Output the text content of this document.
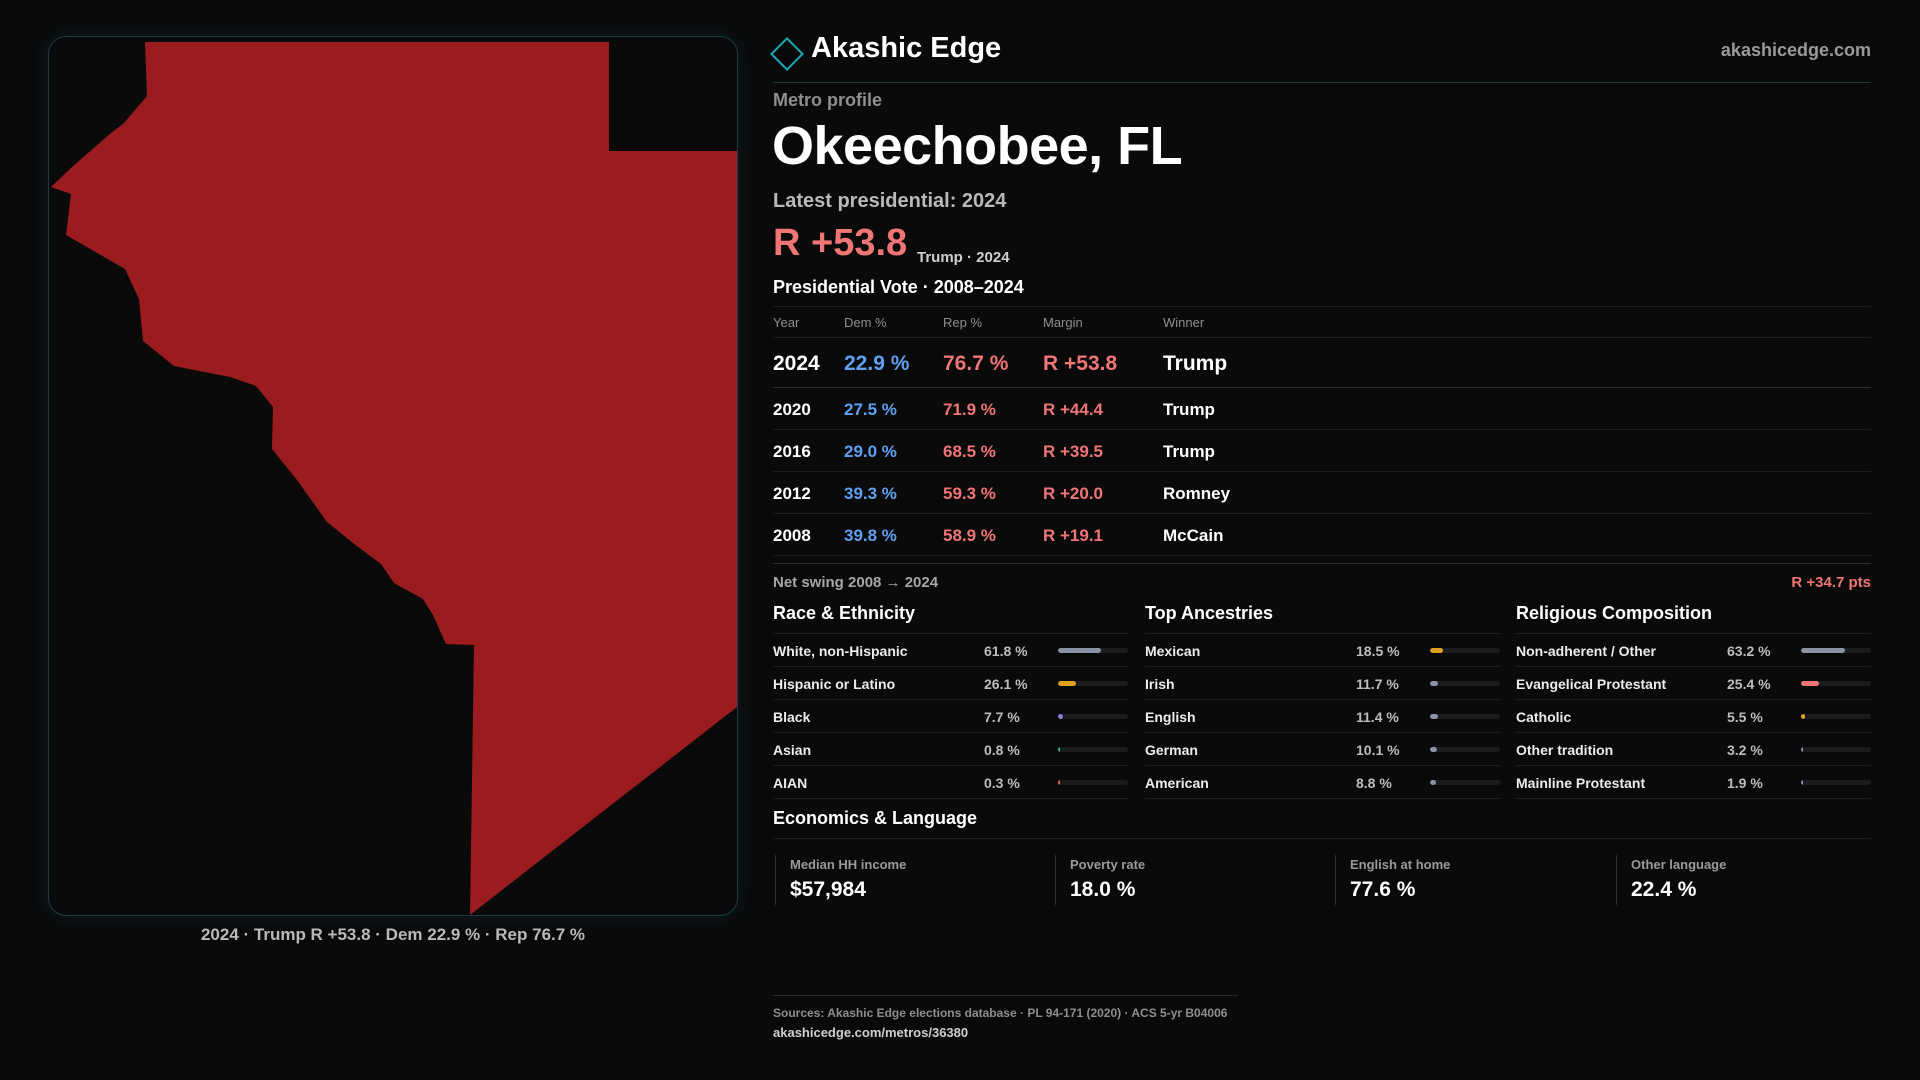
2024 · Trump R +53.8 · Dem 22.9 % · Rep 76.7 %
Akashic Edge	akashicedge.com
Metro profile
Okeechobee, FL
Latest presidential: 2024
R +53.8 Trump · 2024
Presidential Vote · 2008–2024
Year	Dem %	Rep %	Margin	Winner
2024 22.9 % 76.7 % R +53.8 Trump
2020 27.5 %	71.9 %	R +44.4	Trump
2016 29.0 %	68.5 %	R +39.5	Trump
2012 39.3 %	59.3 %	R +20.0	Romney
2008 39.8 %	58.9 %	R +19.1	McCain
Net swing 2008 → 2024	R +34.7 pts
Race & Ethnicity
White, non-Hispanic	61.8 %
Hispanic or Latino	26.1 %
Black	7.7 %
Asian	0.8 %
AIAN	0.3 %
Top Ancestries
Mexican	18.5 %
Irish	11.7 %
English	11.4 %
German	10.1 %
American	8.8 %
Religious Composition
Non-adherent / Other	63.2 %
Evangelical Protestant	25.4 %
Catholic	5.5 %
Other tradition	3.2 %
Mainline Protestant	1.9 %
Economics & Language
Median HH income
$57,984
Poverty rate
18.0 %
English at home
77.6 %
Other language
22.4 %
Sources: Akashic Edge elections database · PL 94-171 (2020) · ACS 5-yr B04006
akashicedge.com/metros/36380
